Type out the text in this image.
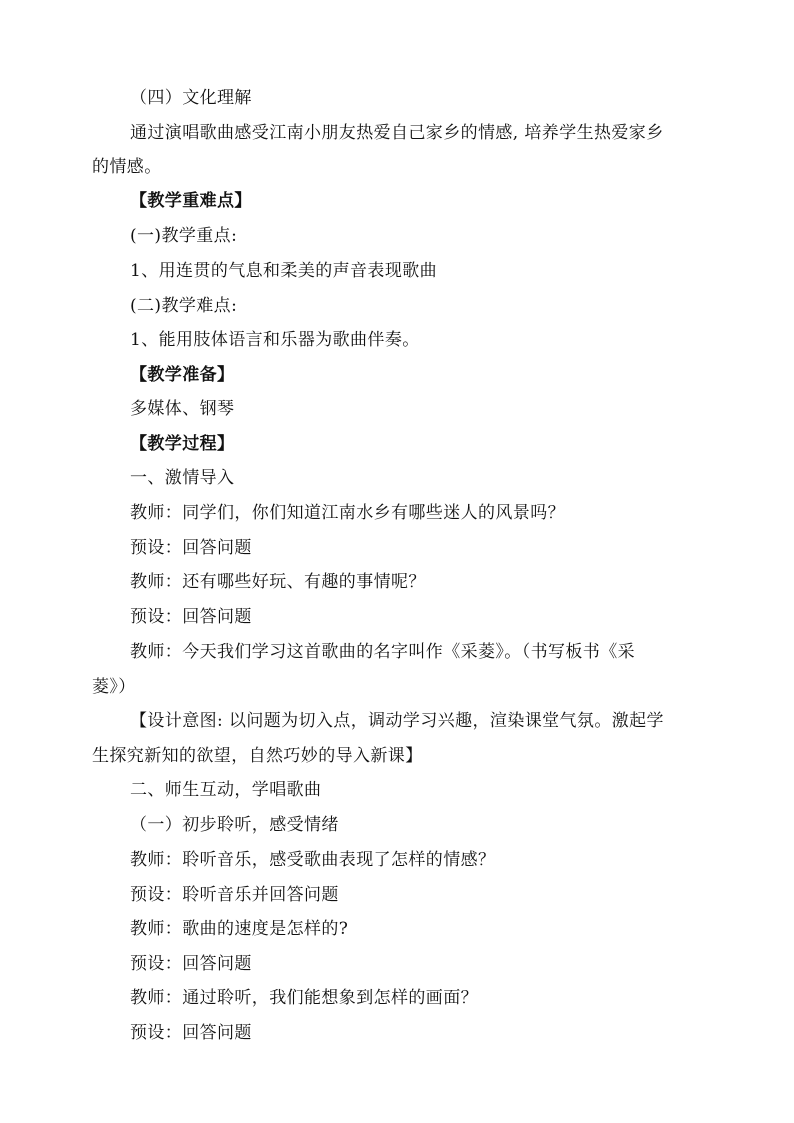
（四）文化理解
通过演唱歌曲感受江南小朋友热爱自己家乡的情感, 培养学生热爱家乡
的情感。
【教学重难点】
(一)教学重点:
1、用连贯的气息和柔美的声音表现歌曲
(二)教学难点:
1、能用肢体语言和乐器为歌曲伴奏。
【教学准备】
多媒体、钢琴
【教学过程】
一、激情导入
教师：同学们，你们知道江南水乡有哪些迷人的风景吗？
预设：回答问题
教师：还有哪些好玩、有趣的事情呢？
预设：回答问题
教师：今天我们学习这首歌曲的名字叫作《采菱》。（书写板书《采
菱》）
【设计意图: 以问题为切入点，调动学习兴趣，渲染课堂气氛。激起学
生探究新知的欲望，自然巧妙的导入新课】
二、师生互动，学唱歌曲
（一）初步聆听，感受情绪
教师：聆听音乐，感受歌曲表现了怎样的情感？
预设：聆听音乐并回答问题
教师：歌曲的速度是怎样的?
预设：回答问题
教师：通过聆听，我们能想象到怎样的画面？
预设：回答问题
